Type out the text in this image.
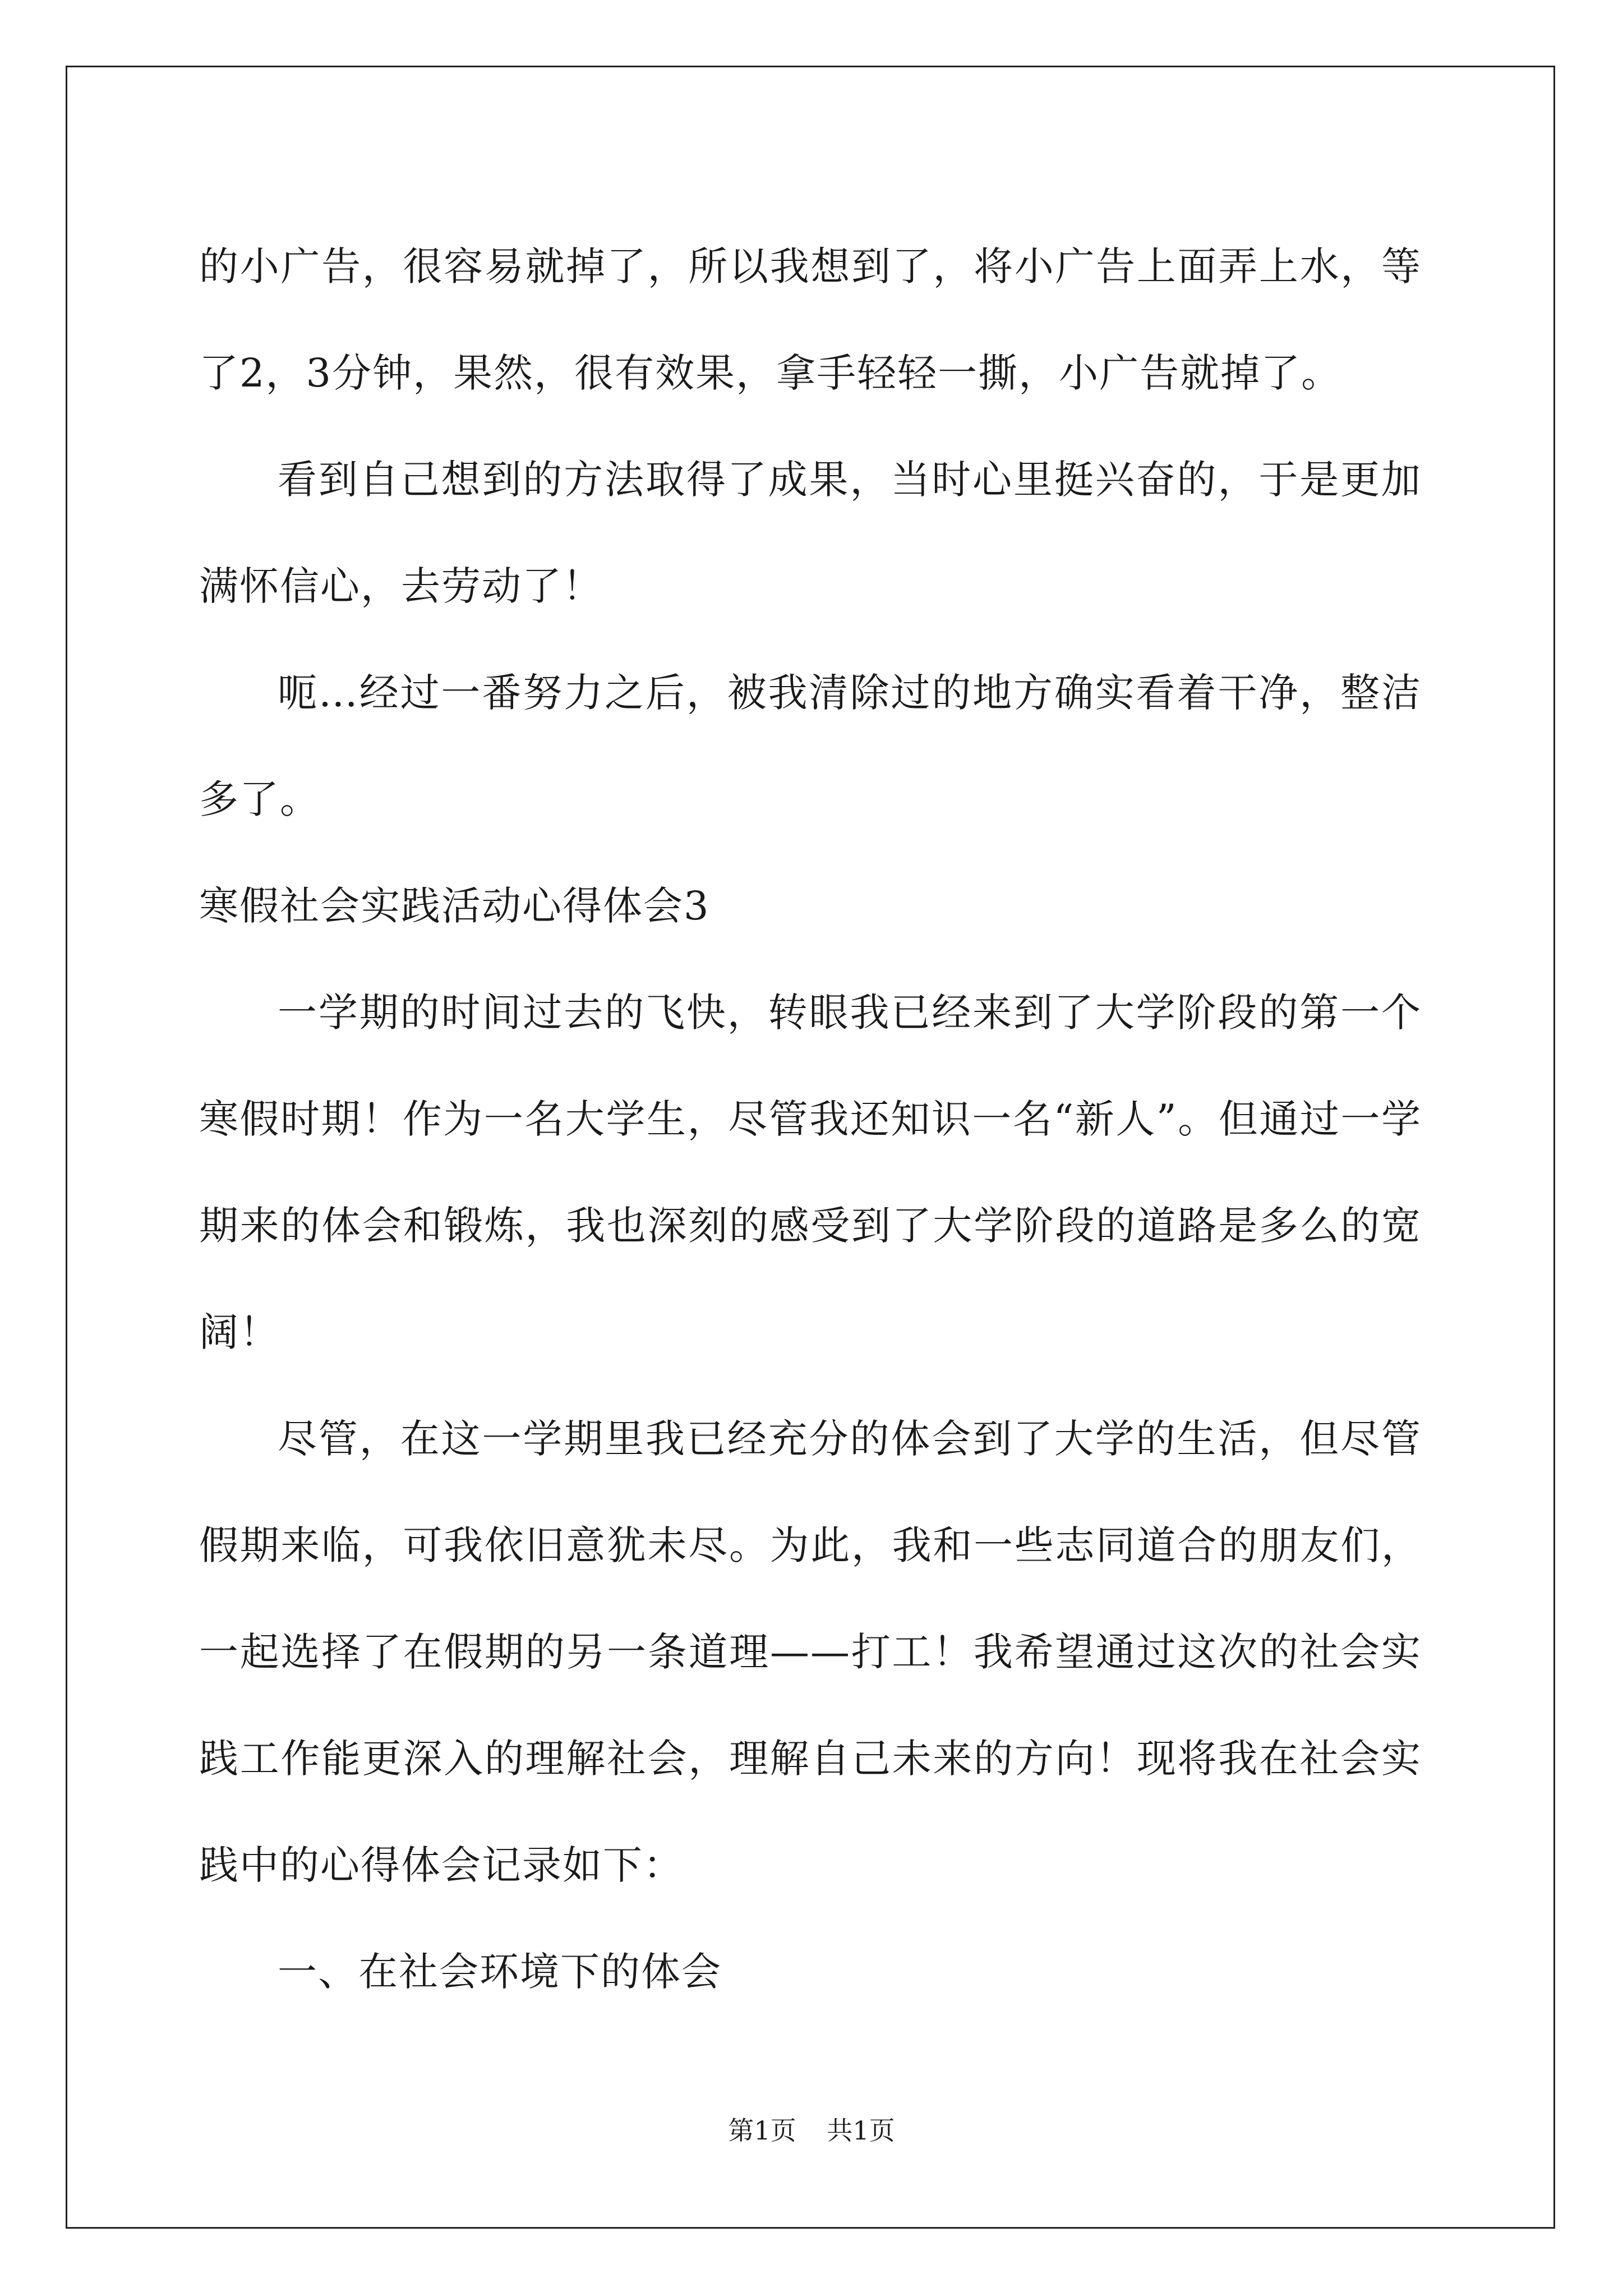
的小广告，很容易就掉了，所以我想到了，将小广告上面弄上水，等了2，3分钟，果然，很有效果，拿手轻轻一撕，小广告就掉了。

看到自己想到的方法取得了成果，当时心里挺兴奋的，于是更加满怀信心，去劳动了！

呃…经过一番努力之后，被我清除过的地方确实看着干净，整洁多了。

寒假社会实践活动心得体会3

一学期的时间过去的飞快，转眼我已经来到了大学阶段的第一个寒假时期！作为一名大学生，尽管我还知识一名“新人”。但通过一学期来的体会和锻炼，我也深刻的感受到了大学阶段的道路是多么的宽阔！

尽管，在这一学期里我已经充分的体会到了大学的生活，但尽管假期来临，可我依旧意犹未尽。为此，我和一些志同道合的朋友们，一起选择了在假期的另一条道理——打工！我希望通过这次的社会实践工作能更深入的理解社会，理解自己未来的方向！现将我在社会实践中的心得体会记录如下：

一、在社会环境下的体会

第1页 共1页
